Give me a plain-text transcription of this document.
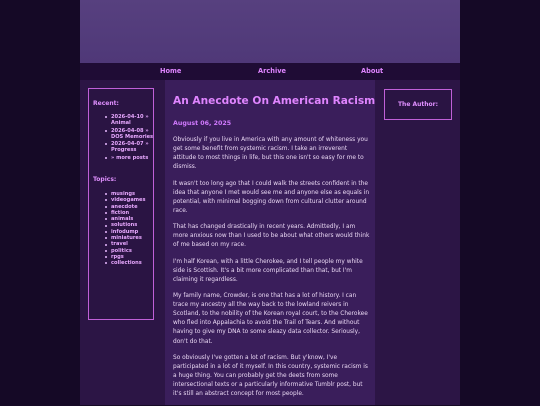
Home	Archive	About
Recent:
2026-04-10 » Animal
2026-04-08 » DOS Memories
2026-04-07 » Progress
» more posts
Topics:
musings
videogames
anecdote
fiction
animals
solutions
infodump
miniatures
travel
politics
rpgs
collections
An Anecdote On American Racism
August 06, 2025

Obviously if you live in America with any amount of whiteness you get some benefit from systemic racism. I take an irreverent attitude to most things in life, but this one isn't so easy for me to dismiss.

It wasn't too long ago that I could walk the streets confident in the idea that anyone I met would see me and anyone else as equals in potential, with minimal bogging down from cultural clutter around race.

That has changed drastically in recent years. Admittedly, I am more anxious now than I used to be about what others would think of me based on my race.

I'm half Korean, with a little Cherokee, and I tell people my white side is Scottish. It's a bit more complicated than that, but I'm claiming it regardless.

My family name, Crowder, is one that has a lot of history. I can trace my ancestry all the way back to the lowland reivers in Scotland, to the nobility of the Korean royal court, to the Cherokee who fled into Appalachia to avoid the Trail of Tears. And without having to give my DNA to some sleazy data collector. Seriously, don't do that.

So obviously I've gotten a lot of racism. But y'know, I've participated in a lot of it myself. In this country, systemic racism is a huge thing. You can probably get the deets from some intersectional texts or a particularly informative Tumblr post, but it's still an abstract concept for most people.

The Author:
